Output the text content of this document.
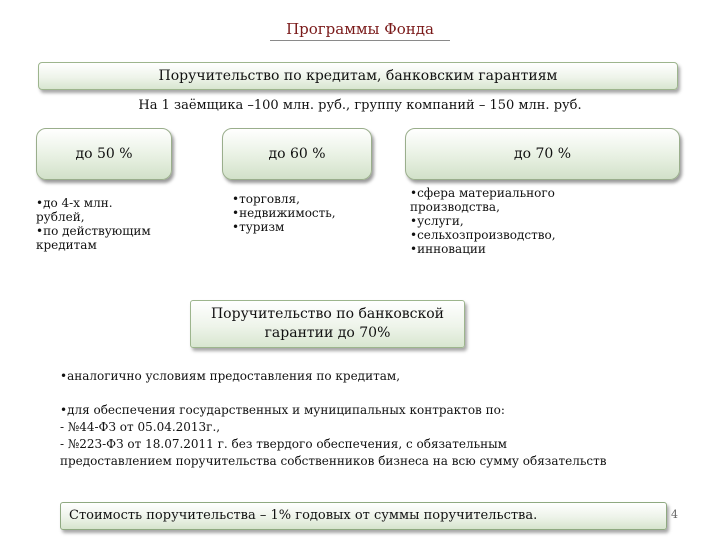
Программы Фонда
Поручительство по кредитам, банковским гарантиям
На 1 заёмщика –100 млн. руб., группу компаний – 150 млн. руб.
до 50 %	до 60 %	до 70 %
•до 4-х млн.
рублей,
•по действующим
кредитам
•торговля,
•недвижимость,
•туризм
•сфера материального
производства,
•услуги,
•сельхозпроизводство,
•инновации
Поручительство по банковской
гарантии до 70%
•аналогично условиям предоставления по кредитам,
•для обеспечения государственных и муниципальных контрактов по:
- №44-ФЗ от 05.04.2013г.,
- №223-ФЗ от 18.07.2011 г. без твердого обеспечения, с обязательным
предоставлением поручительства собственников бизнеса на всю сумму обязательств
Стоимость поручительства – 1% годовых от суммы поручительства.	4
